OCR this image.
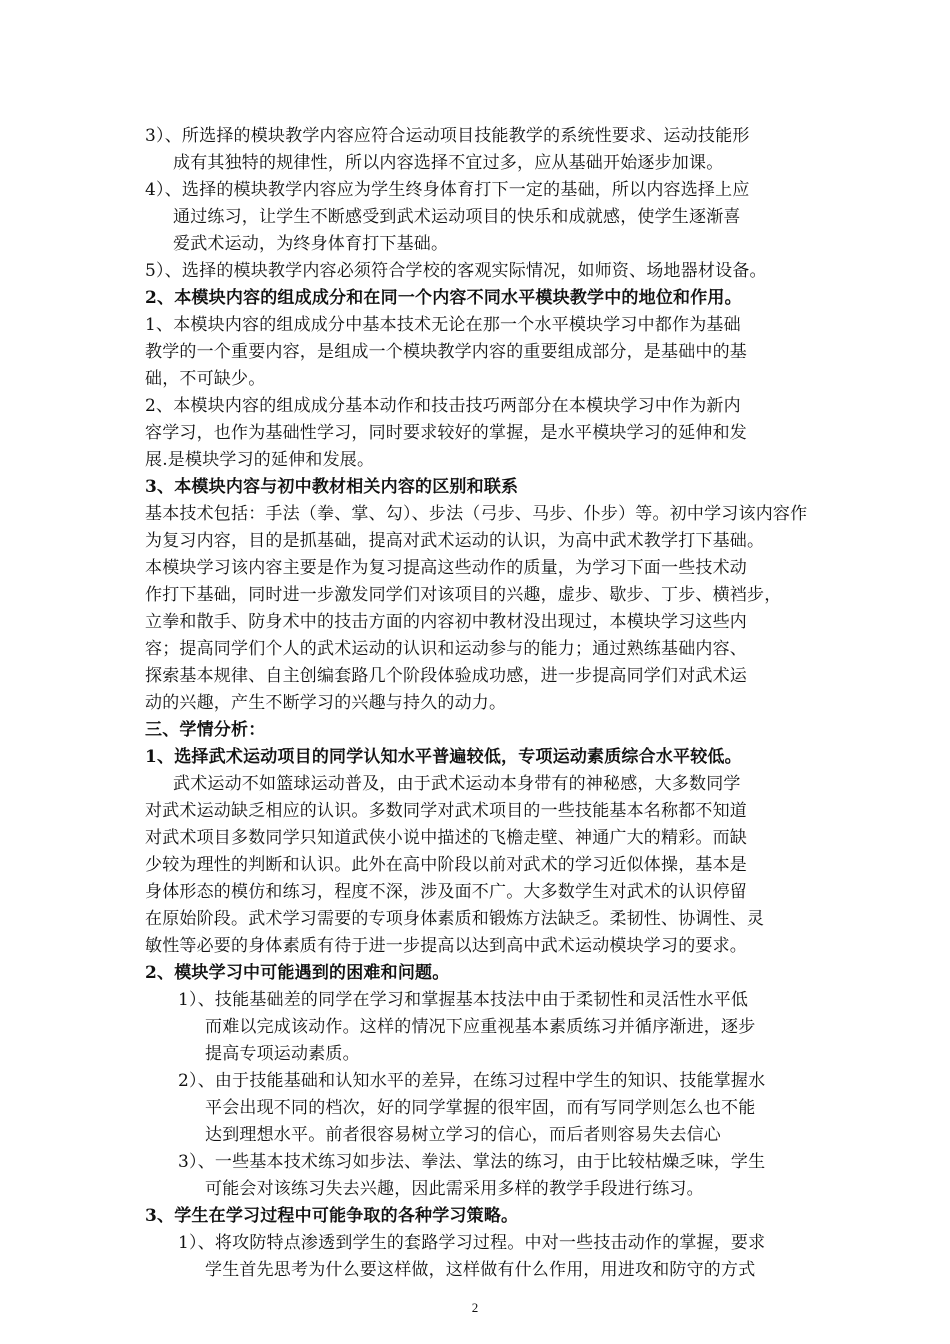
3）、所选择的模块教学内容应符合运动项目技能教学的系统性要求、运动技能形
成有其独特的规律性，所以内容选择不宜过多，应从基础开始逐步加课。
4）、选择的模块教学内容应为学生终身体育打下一定的基础，所以内容选择上应
通过练习，让学生不断感受到武术运动项目的快乐和成就感，使学生逐渐喜
爱武术运动，为终身体育打下基础。
5）、选择的模块教学内容必须符合学校的客观实际情况，如师资、场地器材设备。
2、本模块内容的组成成分和在同一个内容不同水平模块教学中的地位和作用。
1、本模块内容的组成成分中基本技术无论在那一个水平模块学习中都作为基础
教学的一个重要内容，是组成一个模块教学内容的重要组成部分，是基础中的基
础，不可缺少。
2、本模块内容的组成成分基本动作和技击技巧两部分在本模块学习中作为新内
容学习，也作为基础性学习，同时要求较好的掌握，是水平模块学习的延伸和发
展.是模块学习的延伸和发展。
3、本模块内容与初中教材相关内容的区别和联系
基本技术包括：手法（拳、掌、勾）、步法（弓步、马步、仆步）等。初中学习该内容作
为复习内容，目的是抓基础，提高对武术运动的认识，为高中武术教学打下基础。
本模块学习该内容主要是作为复习提高这些动作的质量，为学习下面一些技术动
作打下基础，同时进一步激发同学们对该项目的兴趣，虚步、歇步、丁步、横裆步，
立拳和散手、防身术中的技击方面的内容初中教材没出现过，本模块学习这些内
容；提高同学们个人的武术运动的认识和运动参与的能力；通过熟练基础内容、
探索基本规律、自主创编套路几个阶段体验成功感，进一步提高同学们对武术运
动的兴趣，产生不断学习的兴趣与持久的动力。
三、学情分析：
1、选择武术运动项目的同学认知水平普遍较低，专项运动素质综合水平较低。
武术运动不如篮球运动普及，由于武术运动本身带有的神秘感，大多数同学
对武术运动缺乏相应的认识。多数同学对武术项目的一些技能基本名称都不知道
对武术项目多数同学只知道武侠小说中描述的飞檐走壁、神通广大的精彩。而缺
少较为理性的判断和认识。此外在高中阶段以前对武术的学习近似体操，基本是
身体形态的模仿和练习，程度不深，涉及面不广。大多数学生对武术的认识停留
在原始阶段。武术学习需要的专项身体素质和锻炼方法缺乏。柔韧性、协调性、灵
敏性等必要的身体素质有待于进一步提高以达到高中武术运动模块学习的要求。
2、模块学习中可能遇到的困难和问题。
1）、技能基础差的同学在学习和掌握基本技法中由于柔韧性和灵活性水平低
而难以完成该动作。这样的情况下应重视基本素质练习并循序渐进，逐步
提高专项运动素质。
2）、由于技能基础和认知水平的差异，在练习过程中学生的知识、技能掌握水
平会出现不同的档次，好的同学掌握的很牢固，而有写同学则怎么也不能
达到理想水平。前者很容易树立学习的信心，而后者则容易失去信心
3）、一些基本技术练习如步法、拳法、掌法的练习，由于比较枯燥乏味，学生
可能会对该练习失去兴趣，因此需采用多样的教学手段进行练习。
3、学生在学习过程中可能争取的各种学习策略。
1）、将攻防特点渗透到学生的套路学习过程。中对一些技击动作的掌握，要求
学生首先思考为什么要这样做，这样做有什么作用，用进攻和防守的方式
2
